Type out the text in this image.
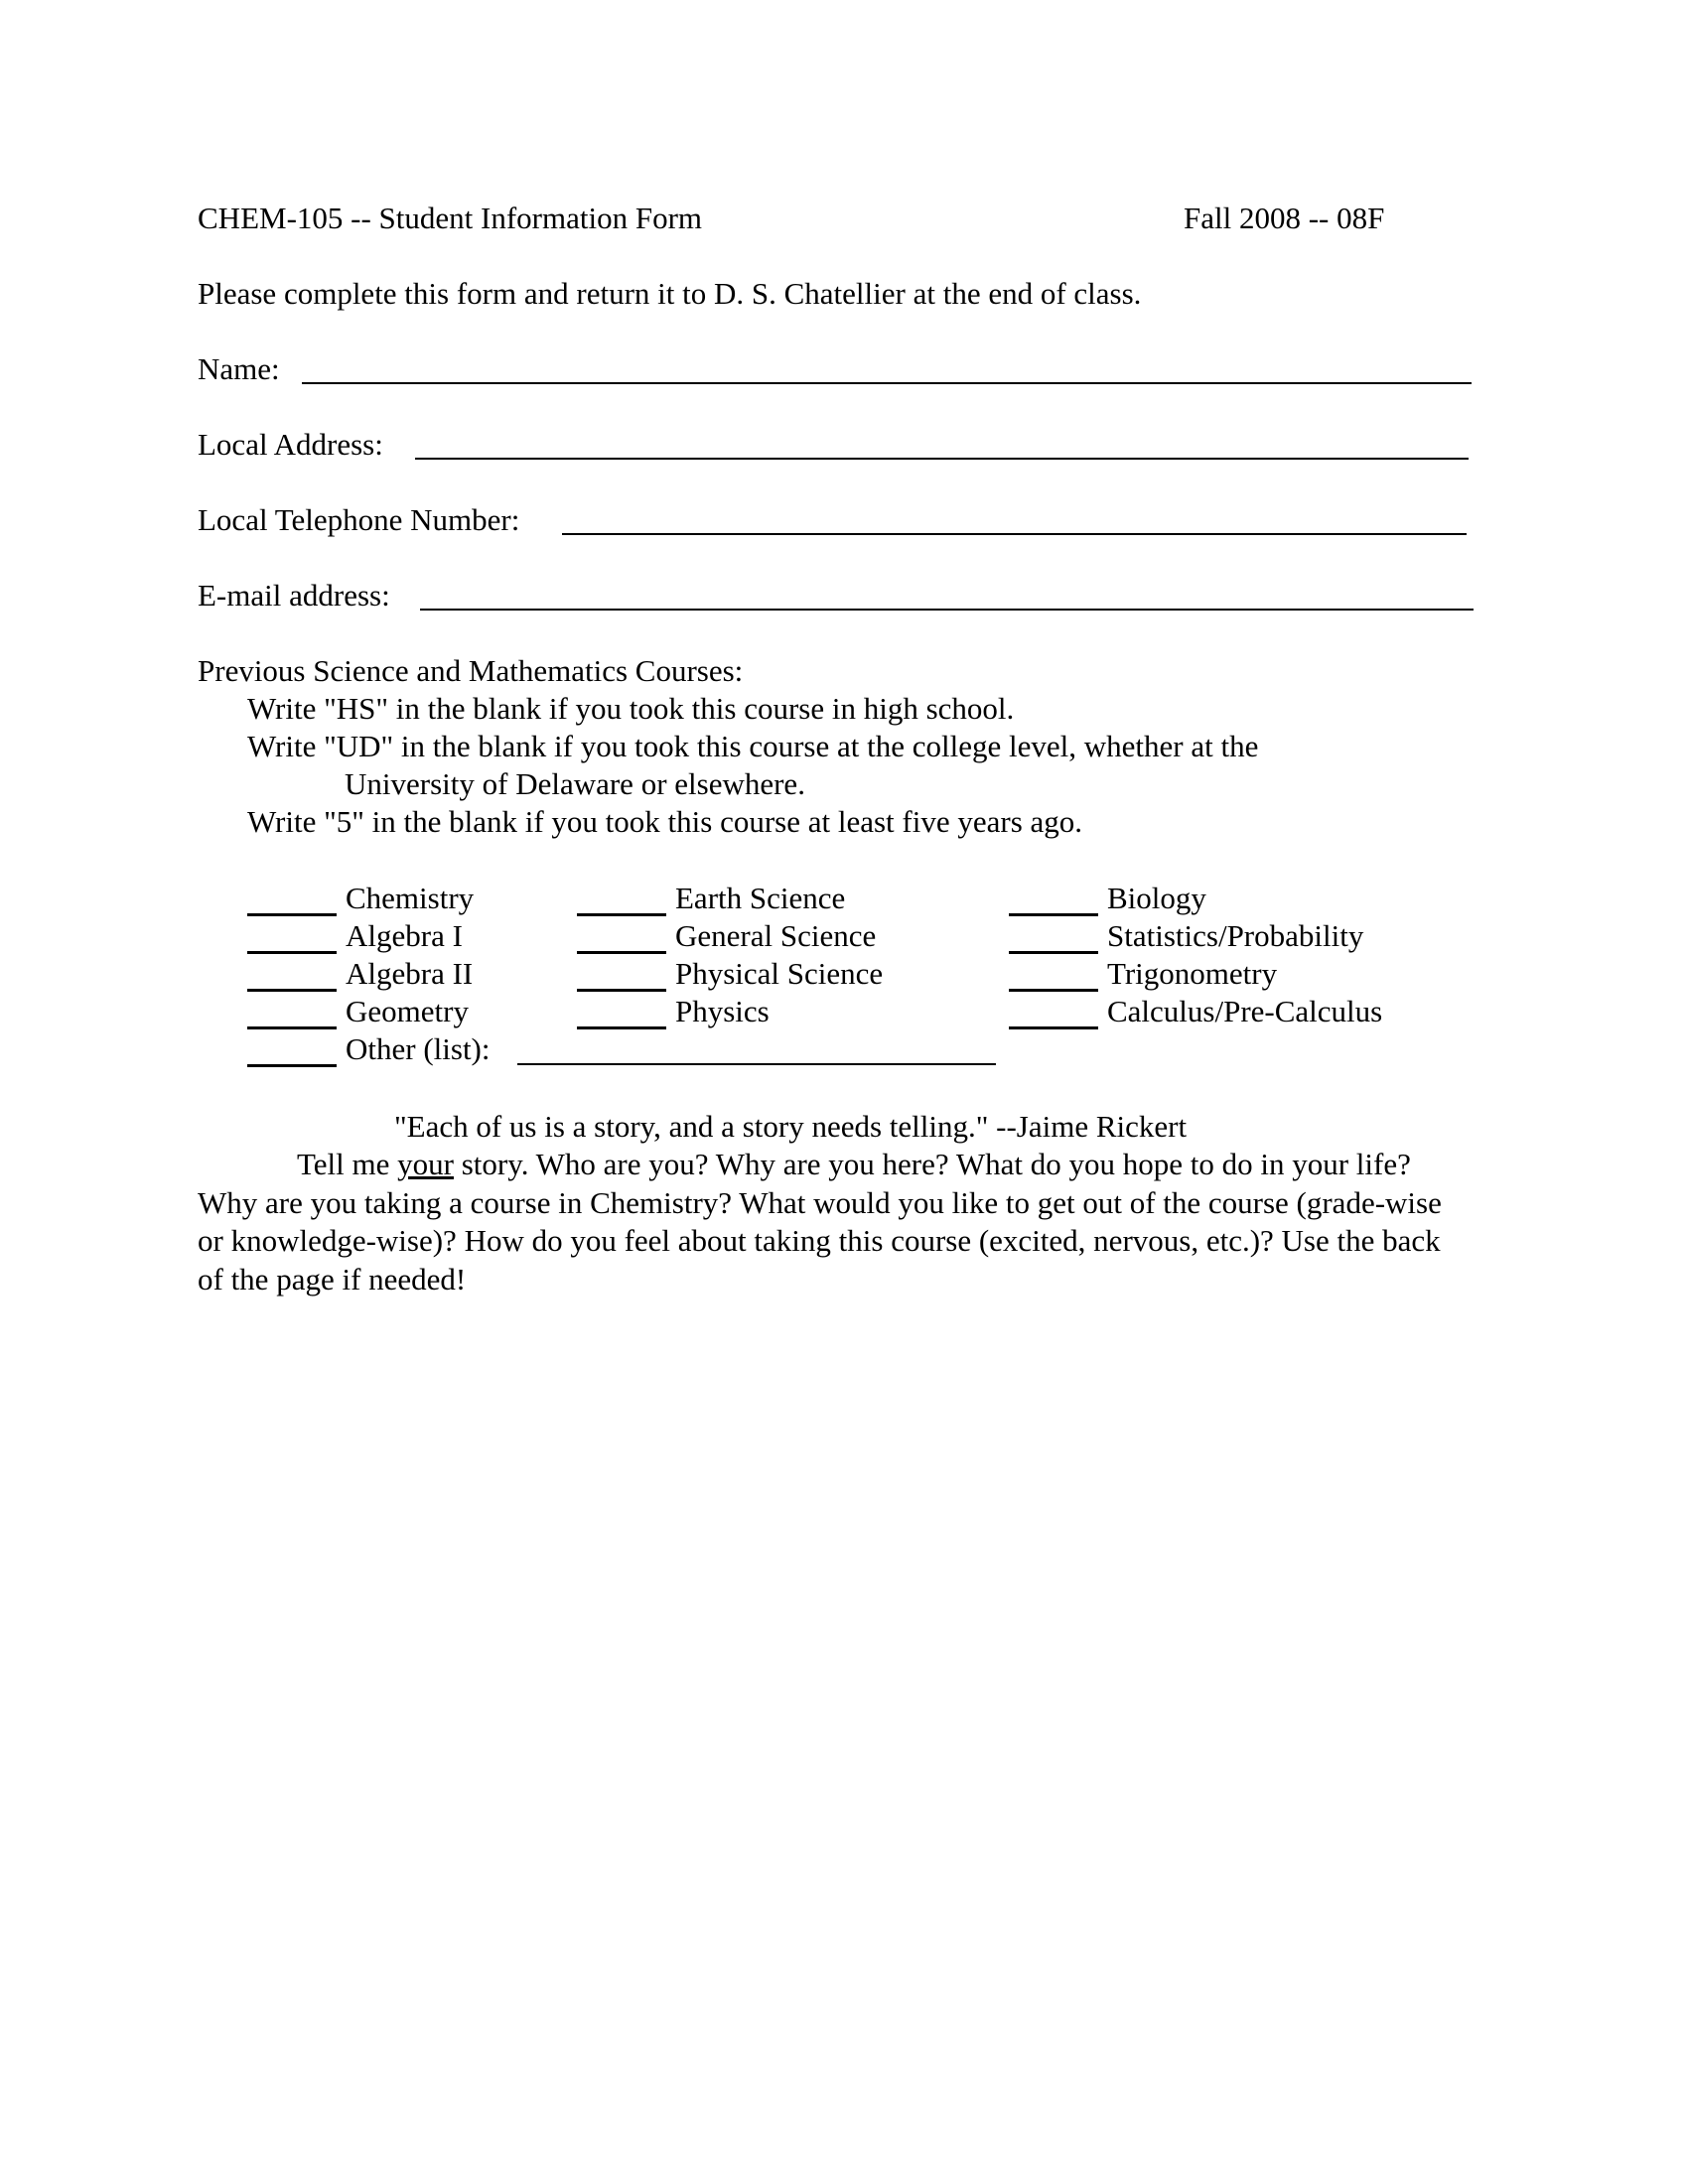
CHEM-105 -- Student Information Form	Fall 2008 -- 08F

Please complete this form and return it to D. S. Chatellier at the end of class.

Name:

Local Address:

Local Telephone Number:

E-mail address:

Previous Science and Mathematics Courses:

Write "HS" in the blank if you took this course in high school.

Write "UD" in the blank if you took this course at the college level, whether at the

University of Delaware or elsewhere.

Write "5" in the blank if you took this course at least five years ago.

Chemistry

Algebra I

Algebra II

Geometry

Other (list):

Earth Science

General Science

Physical Science

Physics

Biology

Statistics/Probability

Trigonometry

Calculus/Pre-Calculus

"Each of us is a story, and a story needs telling." --Jaime Rickert

Tell me your story. Who are you? Why are you here? What do you hope to do in your life? Why are you taking a course in Chemistry? What would you like to get out of the course (grade-wise or knowledge-wise)? How do you feel about taking this course (excited, nervous, etc.)? Use the back of the page if needed!
